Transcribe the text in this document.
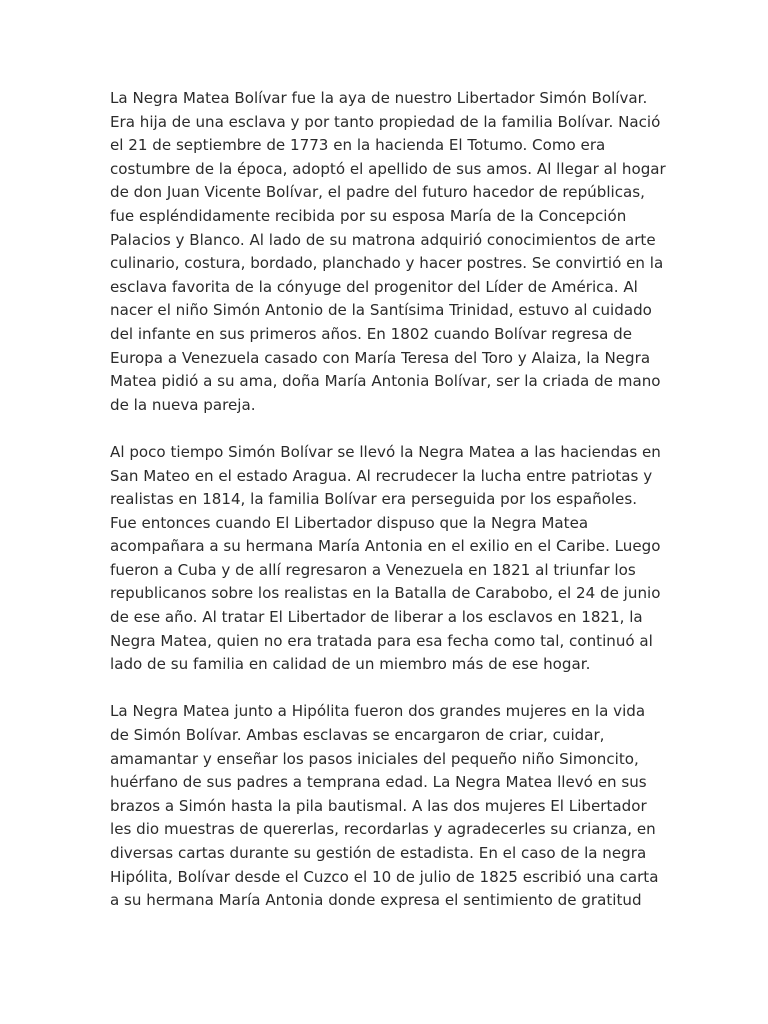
La Negra Matea Bolívar fue la aya de nuestro Libertador Simón Bolívar.
Era hija de una esclava y por tanto propiedad de la familia Bolívar. Nació
el 21 de septiembre de 1773 en la hacienda El Totumo. Como era
costumbre de la época, adoptó el apellido de sus amos. Al llegar al hogar
de don Juan Vicente Bolívar, el padre del futuro hacedor de repúblicas,
fue espléndidamente recibida por su esposa María de la Concepción
Palacios y Blanco. Al lado de su matrona adquirió conocimientos de arte
culinario, costura, bordado, planchado y hacer postres. Se convirtió en la
esclava favorita de la cónyuge del progenitor del Líder de América. Al
nacer el niño Simón Antonio de la Santísima Trinidad, estuvo al cuidado
del infante en sus primeros años. En 1802 cuando Bolívar regresa de
Europa a Venezuela casado con María Teresa del Toro y Alaiza, la Negra
Matea pidió a su ama, doña María Antonia Bolívar, ser la criada de mano
de la nueva pareja.
Al poco tiempo Simón Bolívar se llevó la Negra Matea a las haciendas en
San Mateo en el estado Aragua. Al recrudecer la lucha entre patriotas y
realistas en 1814, la familia Bolívar era perseguida por los españoles.
Fue entonces cuando El Libertador dispuso que la Negra Matea
acompañara a su hermana María Antonia en el exilio en el Caribe. Luego
fueron a Cuba y de allí regresaron a Venezuela en 1821 al triunfar los
republicanos sobre los realistas en la Batalla de Carabobo, el 24 de junio
de ese año. Al tratar El Libertador de liberar a los esclavos en 1821, la
Negra Matea, quien no era tratada para esa fecha como tal, continuó al
lado de su familia en calidad de un miembro más de ese hogar.
La Negra Matea junto a Hipólita fueron dos grandes mujeres en la vida
de Simón Bolívar. Ambas esclavas se encargaron de criar, cuidar,
amamantar y enseñar los pasos iniciales del pequeño niño Simoncito,
huérfano de sus padres a temprana edad. La Negra Matea llevó en sus
brazos a Simón hasta la pila bautismal. A las dos mujeres El Libertador
les dio muestras de quererlas, recordarlas y agradecerles su crianza, en
diversas cartas durante su gestión de estadista. En el caso de la negra
Hipólita, Bolívar desde el Cuzco el 10 de julio de 1825 escribió una carta
a su hermana María Antonia donde expresa el sentimiento de gratitud
